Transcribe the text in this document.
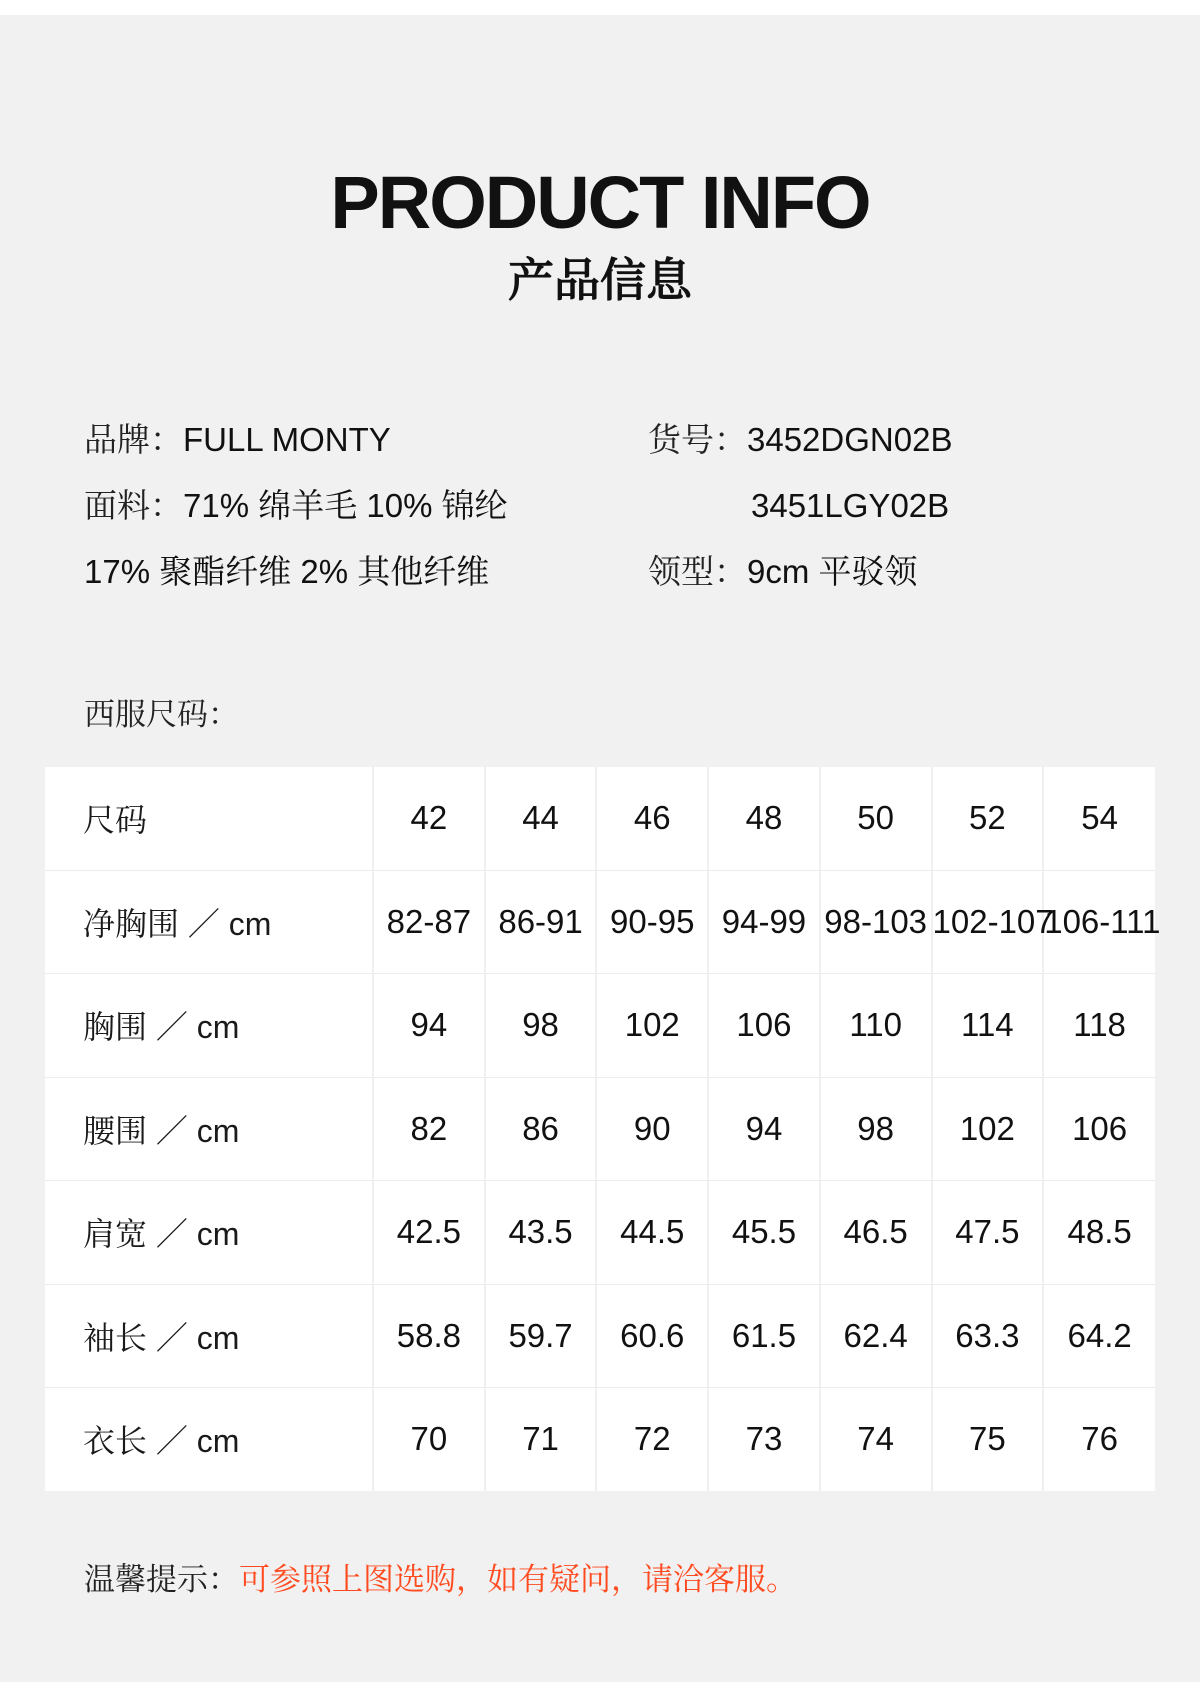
PRODUCT INFO
产品信息
品牌：FULL MONTY
面料：71% 绵羊毛 10% 锦纶
17% 聚酯纤维 2% 其他纤维
货号：3452DGN02B
3451LGY02B
领型：9cm 平驳领
西服尺码：
尺码	42	44	46	48	50	52	54
净胸围 ／ cm	82-87	86-91	90-95	94-99	98-103	102-107	106-111
胸围 ／ cm	94	98	102	106	110	114	118
腰围 ／ cm	82	86	90	94	98	102	106
肩宽 ／ cm	42.5	43.5	44.5	45.5	46.5	47.5	48.5
袖长 ／ cm	58.8	59.7	60.6	61.5	62.4	63.3	64.2
衣长 ／ cm	70	71	72	73	74	75	76
温馨提示：可参照上图选购，如有疑问，请洽客服。
